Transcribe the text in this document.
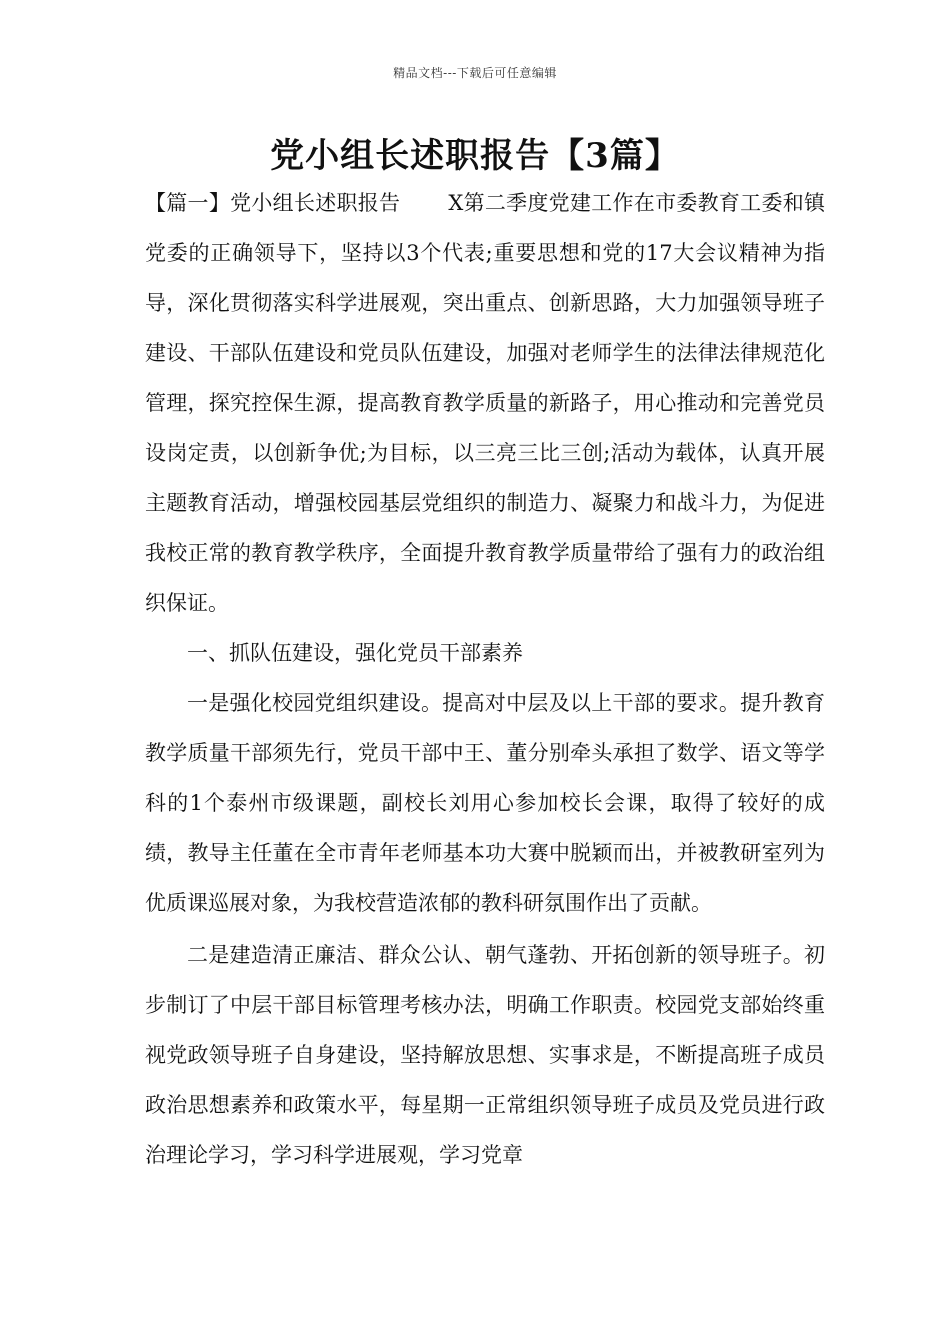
精品文档---下载后可任意编辑
党小组长述职报告【3篇】

【篇一】党小组长述职报告 X第二季度党建工作在市委教育工委和镇党委的正确领导下，坚持以3个代表;重要思想和党的17大会议精神为指导，深化贯彻落实科学进展观，突出重点、创新思路，大力加强领导班子建设、干部队伍建设和党员队伍建设，加强对老师学生的法律法律规范化管理，探究控保生源，提高教育教学质量的新路子，用心推动和完善党员设岗定责，以创新争优;为目标，以三亮三比三创;活动为载体，认真开展主题教育活动，增强校园基层党组织的制造力、凝聚力和战斗力，为促进我校正常的教育教学秩序，全面提升教育教学质量带给了强有力的政治组织保证。

一、抓队伍建设，强化党员干部素养

一是强化校园党组织建设。提高对中层及以上干部的要求。提升教育教学质量干部须先行，党员干部中王、董分别牵头承担了数学、语文等学科的1个泰州市级课题，副校长刘用心参加校长会课，取得了较好的成绩，教导主任董在全市青年老师基本功大赛中脱颖而出，并被教研室列为优质课巡展对象，为我校营造浓郁的教科研氛围作出了贡献。

二是建造清正廉洁、群众公认、朝气蓬勃、开拓创新的领导班子。初步制订了中层干部目标管理考核办法，明确工作职责。校园党支部始终重视党政领导班子自身建设，坚持解放思想、实事求是，不断提高班子成员政治思想素养和政策水平，每星期一正常组织领导班子成员及党员进行政治理论学习，学习科学进展观，学习党章
